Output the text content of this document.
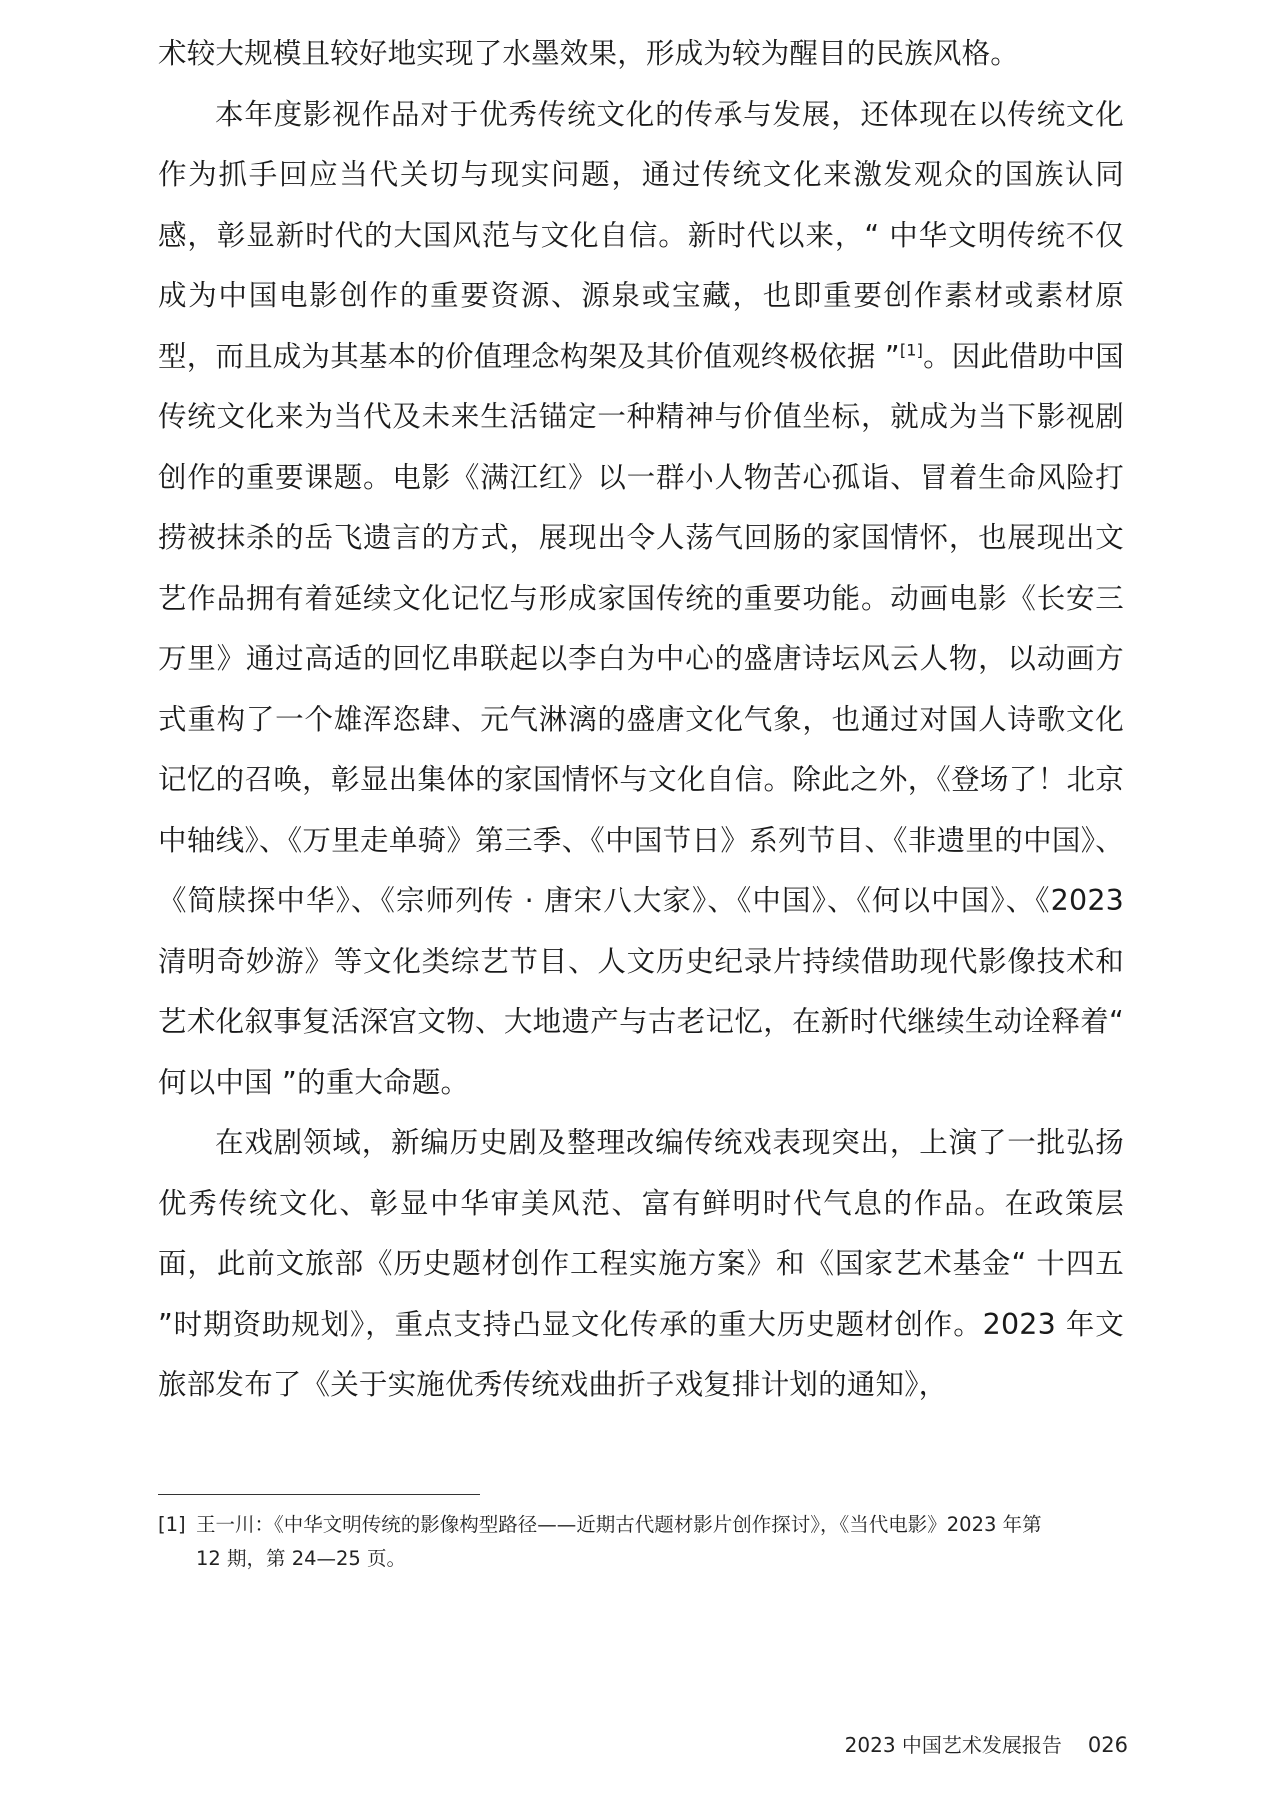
术较大规模且较好地实现了水墨效果，形成为较为醒目的民族风格。

本年度影视作品对于优秀传统文化的传承与发展，还体现在以传统文化作为抓手回应当代关切与现实问题，通过传统文化来激发观众的国族认同感，彰显新时代的大国风范与文化自信。新时代以来，“ 中华文明传统不仅成为中国电影创作的重要资源、源泉或宝藏，也即重要创作素材或素材原型，而且成为其基本的价值理念构架及其价值观终极依据 ”[1]。因此借助中国传统文化来为当代及未来生活锚定一种精神与价值坐标，就成为当下影视剧创作的重要课题。电影《满江红》以一群小人物苦心孤诣、冒着生命风险打捞被抹杀的岳飞遗言的方式，展现出令人荡气回肠的家国情怀，也展现出文艺作品拥有着延续文化记忆与形成家国传统的重要功能。动画电影《长安三万里》通过高适的回忆串联起以李白为中心的盛唐诗坛风云人物，以动画方式重构了一个雄浑恣肆、元气淋漓的盛唐文化气象，也通过对国人诗歌文化记忆的召唤，彰显出集体的家国情怀与文化自信。除此之外，《登场了！北京中轴线》、《万里走单骑》第三季、《中国节日》系列节目、《非遗里的中国》、《简牍探中华》、《宗师列传 · 唐宋八大家》、《中国》、《何以中国》、《2023 清明奇妙游》等文化类综艺节目、人文历史纪录片持续借助现代影像技术和艺术化叙事复活深宫文物、大地遗产与古老记忆，在新时代继续生动诠释着“ 何以中国 ”的重大命题。

在戏剧领域，新编历史剧及整理改编传统戏表现突出，上演了一批弘扬优秀传统文化、彰显中华审美风范、富有鲜明时代气息的作品。在政策层面，此前文旅部《历史题材创作工程实施方案》和《国家艺术基金“ 十四五 ”时期资助规划》，重点支持凸显文化传承的重大历史题材创作。2023 年文旅部发布了《关于实施优秀传统戏曲折子戏复排计划的通知》，

[1] 王一川：《中华文明传统的影像构型路径——近期古代题材影片创作探讨》，《当代电影》2023 年第
12 期，第 24—25 页。
2023 中国艺术发展报告 026
